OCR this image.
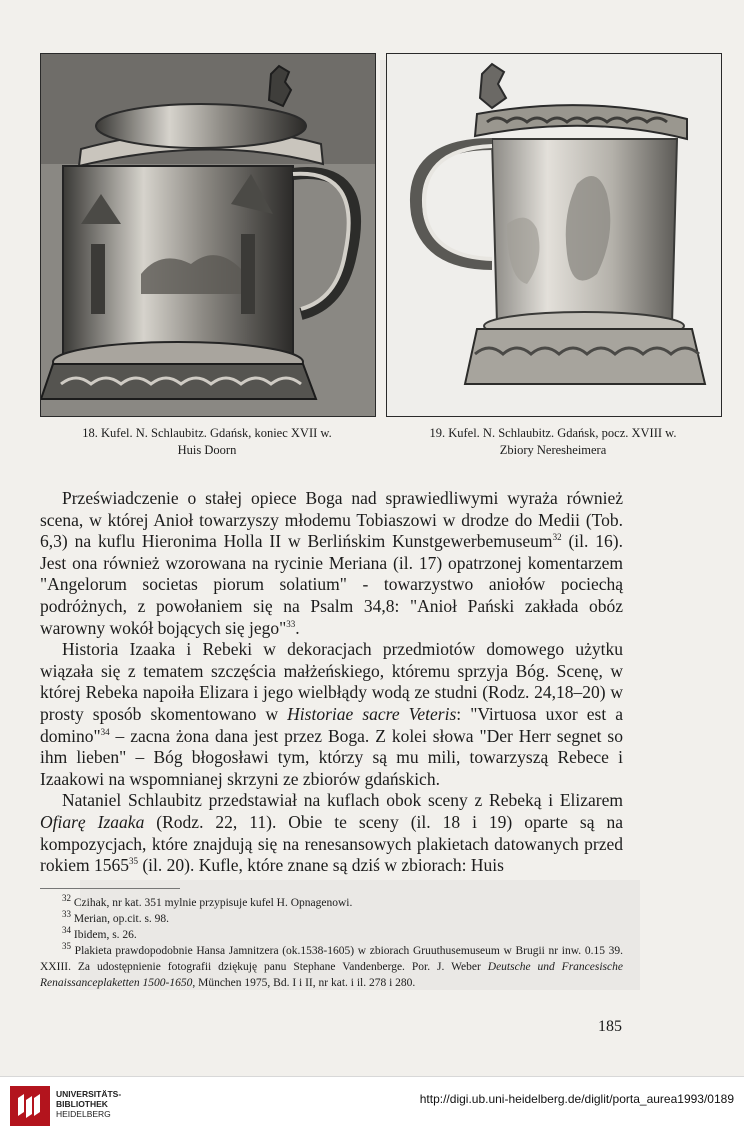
18. Kufel. N. Schlaubitz. Gdańsk, koniec XVII w.
Huis Doorn
19. Kufel. N. Schlaubitz. Gdańsk, pocz. XVIII w.
Zbiory Neresheimera

Przeświadczenie o stałej opiece Boga nad sprawiedliwymi wyraża również scena, w której Anioł towarzyszy młodemu Tobiaszowi w drodze do Medii (Tob. 6,3) na kuflu Hieronima Holla II w Berlińskim Kunstgewerbemuseum$^{32}$ (il. 16). Jest ona również wzorowana na rycinie Meriana (il. 17) opatrzonej komentarzem "Angelorum societas piorum solatium" - towarzystwo aniołów pociechą podróżnych, z powołaniem się na Psalm 34,8: "Anioł Pański zakłada obóz warowny wokół bojących się jego"$^{33}$.

Historia Izaaka i Rebeki w dekoracjach przedmiotów domowego użytku wiązała się z tematem szczęścia małżeńskiego, któremu sprzyja Bóg. Scenę, w której Rebeka napoiła Elizara i jego wielbłądy wodą ze studni (Rodz. 24,18–20) w prosty sposób skomentowano w Historiae sacre Veteris: "Virtuosa uxor est a domino"$^{34}$ – zacna żona dana jest przez Boga. Z kolei słowa "Der Herr segnet so ihm lieben" – Bóg błogosławi tym, którzy są mu mili, towarzyszą Rebece i Izaakowi na wspomnianej skrzyni ze zbiorów gdańskich.

Nataniel Schlaubitz przedstawiał na kuflach obok sceny z Rebeką i Elizarem Ofiarę Izaaka (Rodz. 22, 11). Obie te sceny (il. 18 i 19) oparte są na kompozycjach, które znajdują się na renesansowych plakietach datowanych przed rokiem 1565$^{35}$ (il. 20). Kufle, które znane są dziś w zbiorach: Huis

$^{32}$ Czihak, nr kat. 351 mylnie przypisuje kufel H. Opnagenowi.

$^{33}$ Merian, op.cit. s. 98.

$^{34}$ Ibidem, s. 26.

$^{35}$ Plakieta prawdopodobnie Hansa Jamnitzera (ok.1538-1605) w zbiorach Gruuthusemuseum w Brugii nr inw. 0.15 39. XXIII. Za udostępnienie fotografii dziękuję panu Stephane Vandenberge. Por. J. Weber Deutsche und Francesische Renaissanceplaketten 1500-1650, München 1975, Bd. I i II, nr kat. i il. 278 i 280.

185
UNIVERSITÄTS-
BIBLIOTHEK
HEIDELBERG
http://digi.ub.uni-heidelberg.de/diglit/porta_aurea1993/0189
